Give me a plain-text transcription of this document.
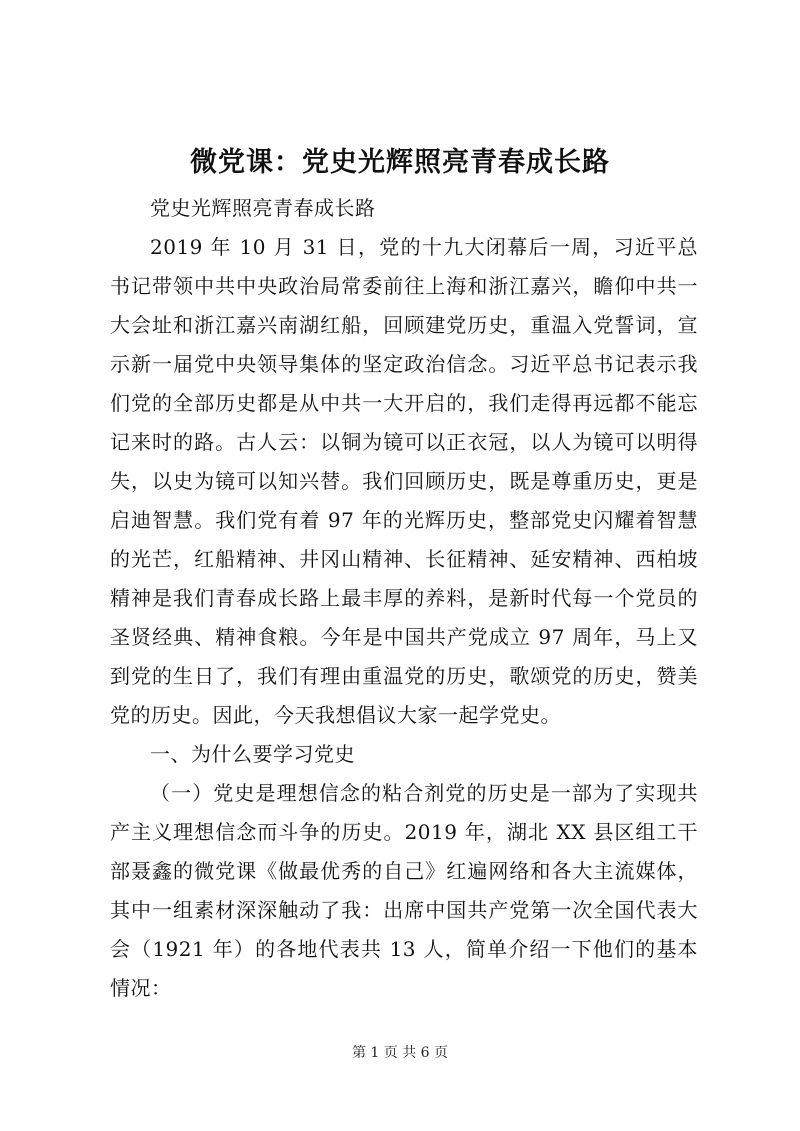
微党课：党史光辉照亮青春成长路

党史光辉照亮青春成长路

2019 年 10 月 31 日，党的十九大闭幕后一周，习近平总书记带领中共中央政治局常委前往上海和浙江嘉兴，瞻仰中共一大会址和浙江嘉兴南湖红船，回顾建党历史，重温入党誓词，宣示新一届党中央领导集体的坚定政治信念。习近平总书记表示我们党的全部历史都是从中共一大开启的，我们走得再远都不能忘记来时的路。古人云：以铜为镜可以正衣冠，以人为镜可以明得失，以史为镜可以知兴替。我们回顾历史，既是尊重历史，更是启迪智慧。我们党有着 97 年的光辉历史，整部党史闪耀着智慧的光芒，红船精神、井冈山精神、长征精神、延安精神、西柏坡精神是我们青春成长路上最丰厚的养料，是新时代每一个党员的圣贤经典、精神食粮。今年是中国共产党成立 97 周年，马上又到党的生日了，我们有理由重温党的历史，歌颂党的历史，赞美党的历史。因此，今天我想倡议大家一起学党史。

一、为什么要学习党史

（一）党史是理想信念的粘合剂党的历史是一部为了实现共产主义理想信念而斗争的历史。2019 年，湖北 XX 县区组工干部聂鑫的微党课《做最优秀的自己》红遍网络和各大主流媒体，其中一组素材深深触动了我：出席中国共产党第一次全国代表大会（1921 年）的各地代表共 13 人，简单介绍一下他们的基本情况：

第 1 页 共 6 页
